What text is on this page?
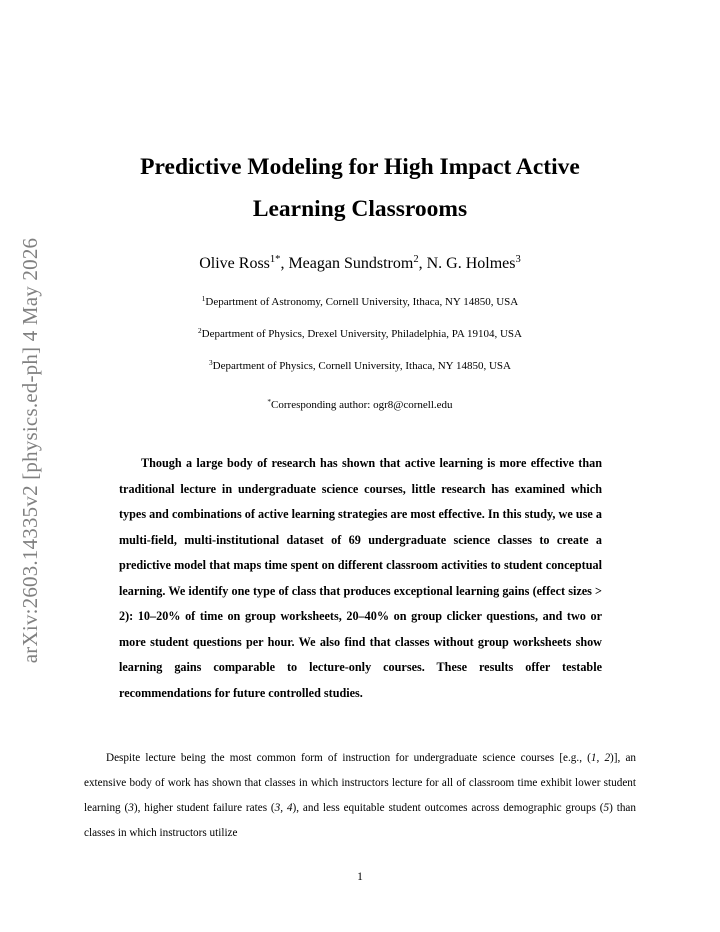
arXiv:2603.14335v2 [physics.ed-ph] 4 May 2026
Predictive Modeling for High Impact Active Learning Classrooms
Olive Ross$^{1*}$, Meagan Sundstrom$^2$, N. G. Holmes$^3$
$^1$Department of Astronomy, Cornell University, Ithaca, NY 14850, USA
$^2$Department of Physics, Drexel University, Philadelphia, PA 19104, USA
$^3$Department of Physics, Cornell University, Ithaca, NY 14850, USA
*Corresponding author: ogr8@cornell.edu

Though a large body of research has shown that active learning is more effective than traditional lecture in undergraduate science courses, little research has examined which types and combinations of active learning strategies are most effective. In this study, we use a multi-field, multi-institutional dataset of 69 undergraduate science classes to create a predictive model that maps time spent on different classroom activities to student conceptual learning. We identify one type of class that produces exceptional learning gains (effect sizes > 2): 10–20% of time on group worksheets, 20–40% on group clicker questions, and two or more student questions per hour. We also find that classes without group worksheets show learning gains comparable to lecture-only courses. These results offer testable recommendations for future controlled studies.

Despite lecture being the most common form of instruction for undergraduate science courses [e.g., (1, 2)], an extensive body of work has shown that classes in which instructors lecture for all of classroom time exhibit lower student learning (3), higher student failure rates (3, 4), and less equitable student outcomes across demographic groups (5) than classes in which instructors utilize

1
